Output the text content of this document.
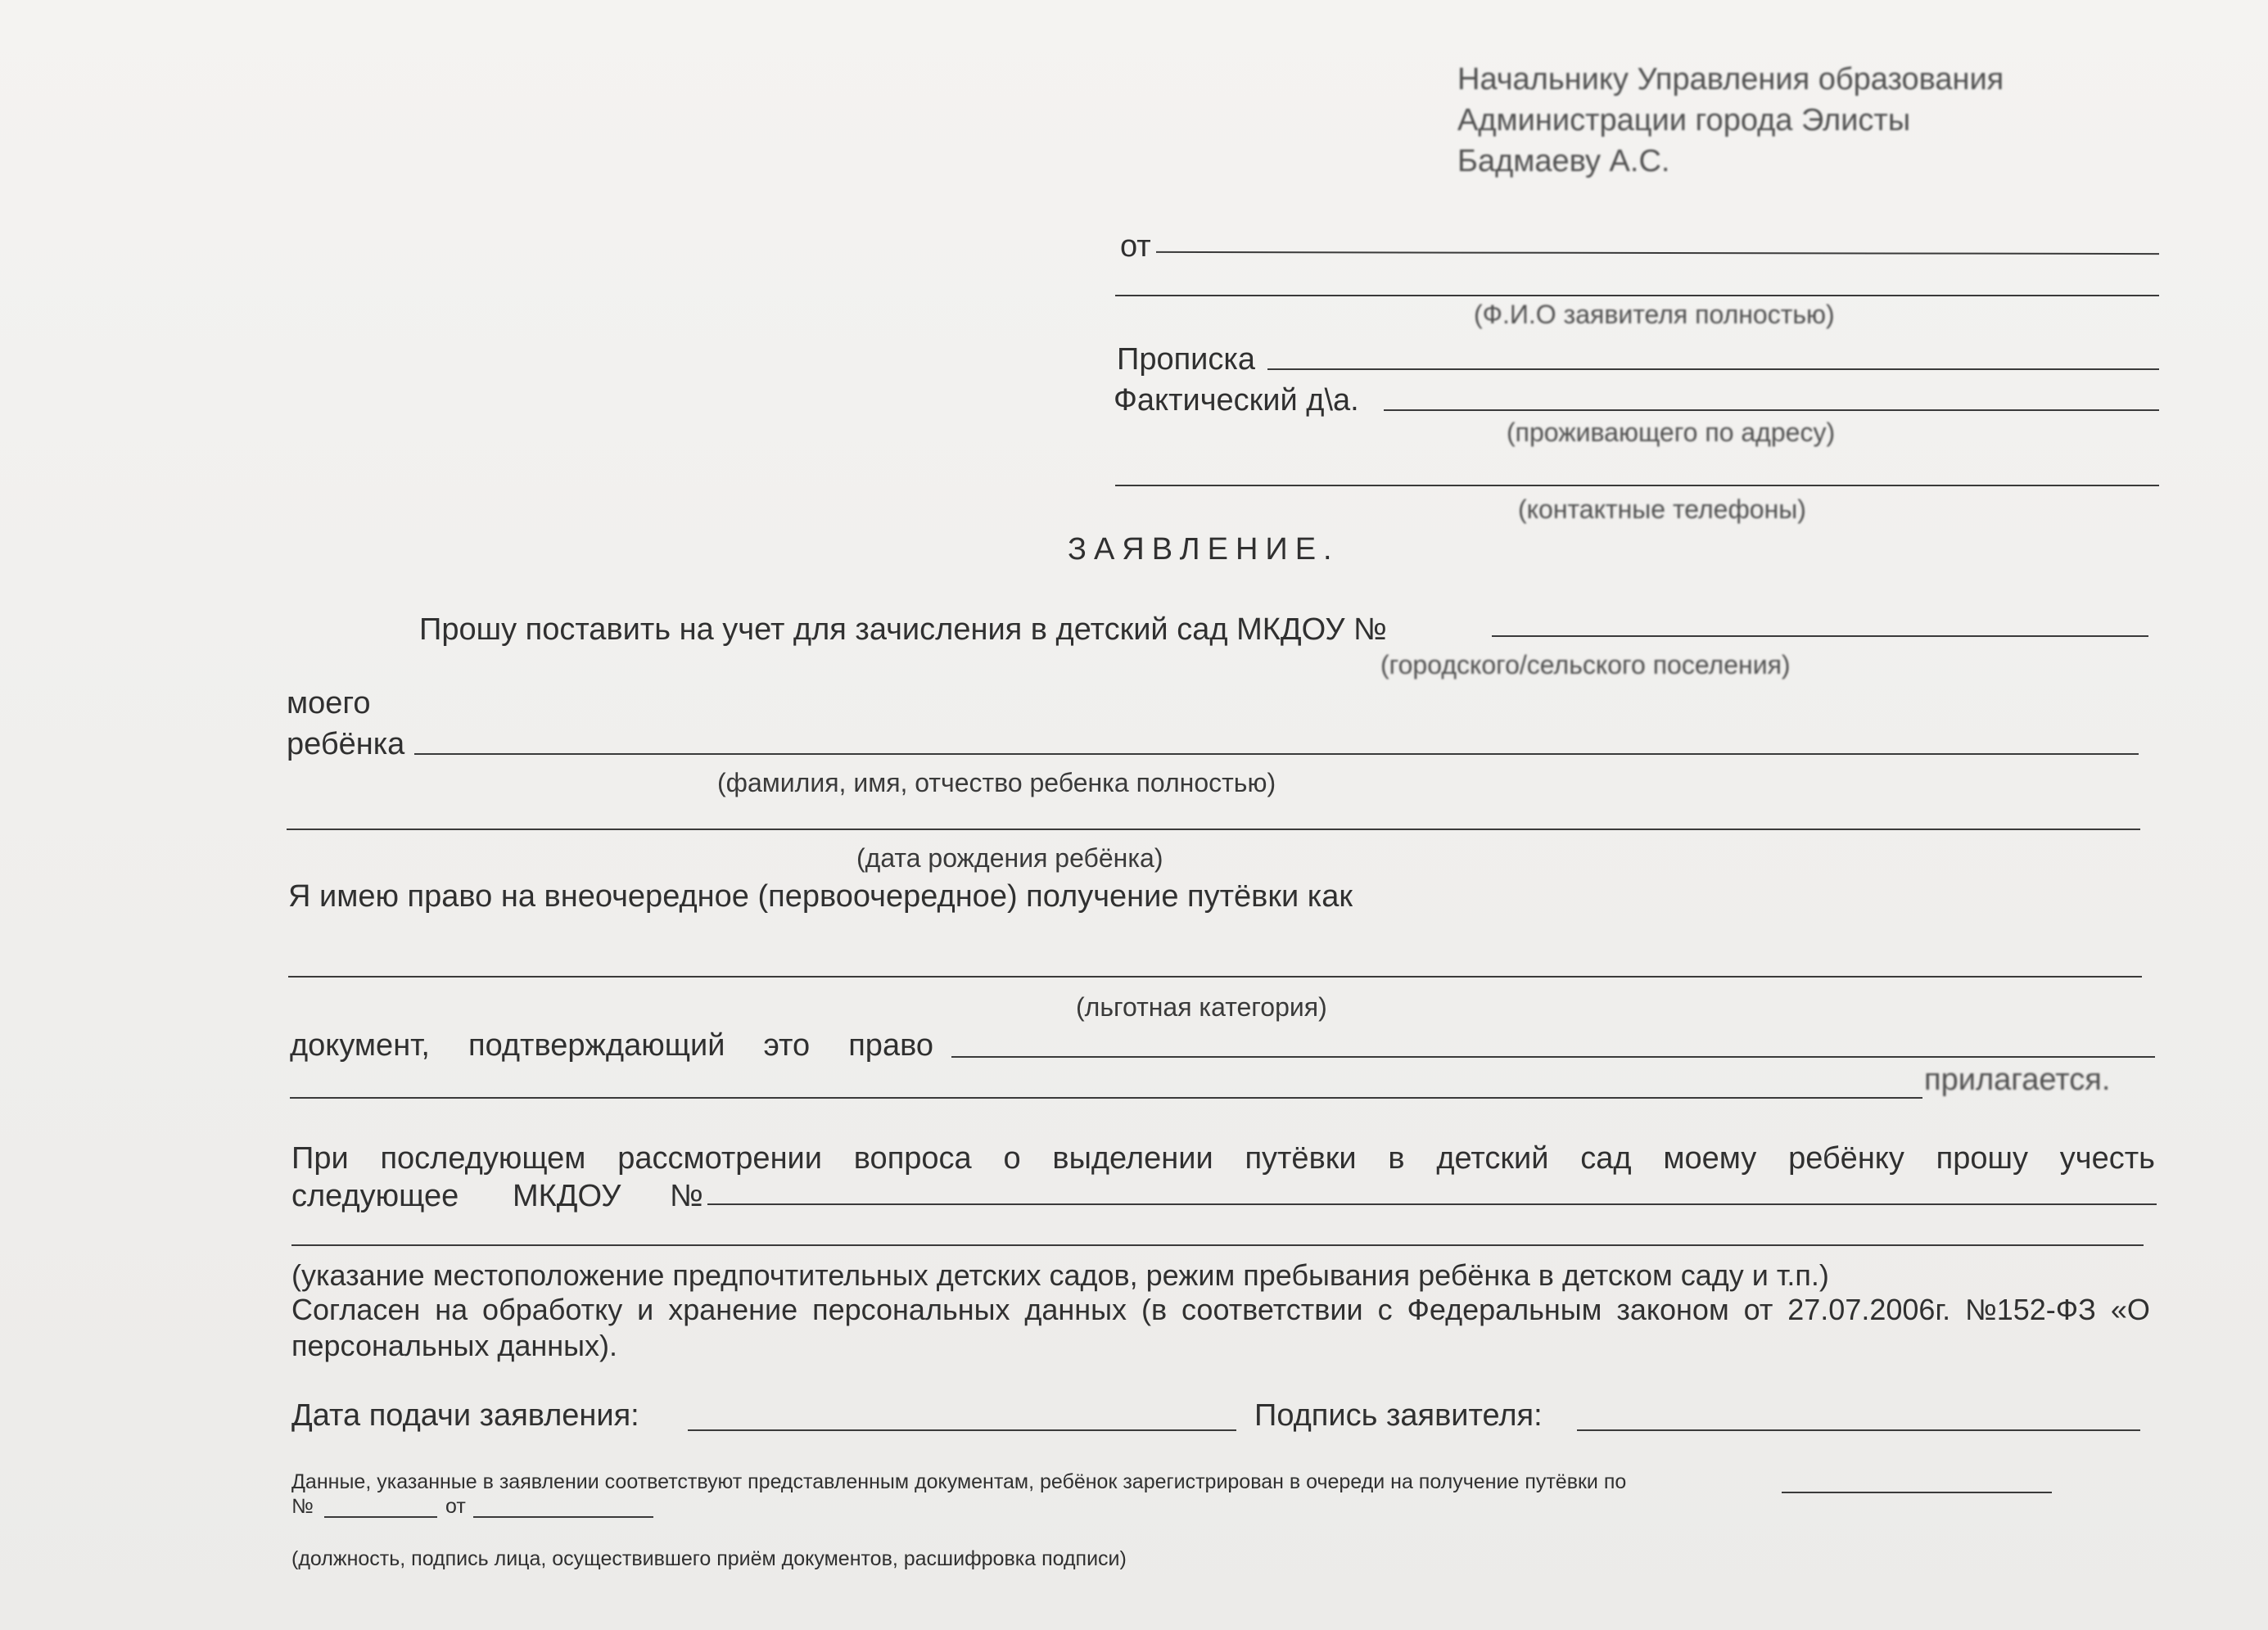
Начальнику Управления образования
Администрации города Элисты
Бадмаеву А.С.
от
(Ф.И.О заявителя полностью)
Прописка
Фактический д\а.
(проживающего по адресу)
(контактные телефоны)
ЗАЯВЛЕНИЕ.
Прошу поставить на учет для зачисления в детский сад МКДОУ №
(городского/сельского поселения)
моего
ребёнка
(фамилия, имя, отчество ребенка полностью)
(дата рождения ребёнка)
Я имею право на внеочередное (первоочередное) получение путёвки как
(льготная категория)
документ, подтверждающий это право
прилагается.
При последующем рассмотрении вопроса о выделении путёвки в детский сад моему ребёнку прошу учесть
следующее МКДОУ №
(указание местоположение предпочтительных детских садов, режим пребывания ребёнка в детском саду и т.п.)
Согласен на обработку и хранение персональных данных (в соответствии с Федеральным законом от 27.07.2006г. №152-ФЗ «О
персональных данных).
Дата подачи заявления:	Подпись заявителя:
Данные, указанные в заявлении соответствуют представленным документам, ребёнок зарегистрирован в очереди на получение путёвки по
№	от
(должность, подпись лица, осуществившего приём документов, расшифровка подписи)
